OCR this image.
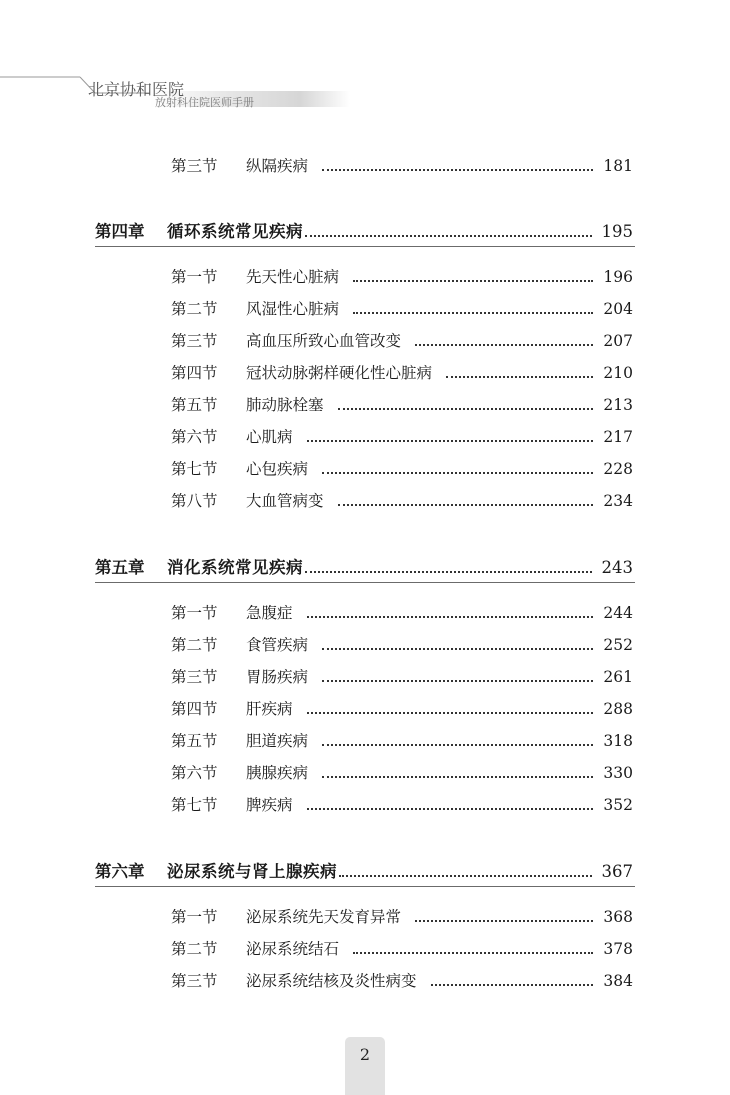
北京协和医院
放射科住院医师手册
第三节	纵隔疾病	181
第四章	循环系统常见疾病	195
第一节	先天性心脏病	196
第二节	风湿性心脏病	204
第三节	高血压所致心血管改变	207
第四节	冠状动脉粥样硬化性心脏病	210
第五节	肺动脉栓塞	213
第六节	心肌病	217
第七节	心包疾病	228
第八节	大血管病变	234
第五章	消化系统常见疾病	243
第一节	急腹症	244
第二节	食管疾病	252
第三节	胃肠疾病	261
第四节	肝疾病	288
第五节	胆道疾病	318
第六节	胰腺疾病	330
第七节	脾疾病	352
第六章	泌尿系统与肾上腺疾病	367
第一节	泌尿系统先天发育异常	368
第二节	泌尿系统结石	378
第三节	泌尿系统结核及炎性病变	384
2
